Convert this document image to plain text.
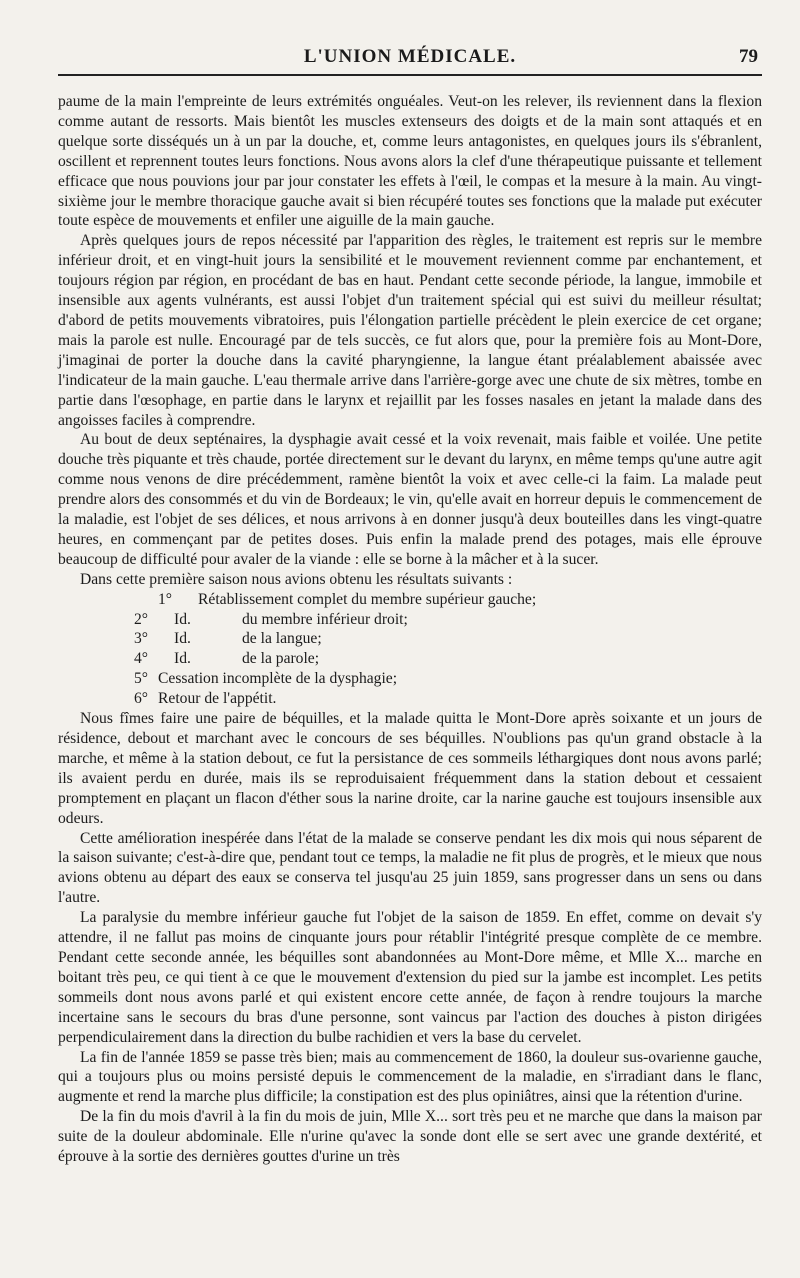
L'UNION MÉDICALE.	79

paume de la main l'empreinte de leurs extrémités onguéales. Veut-on les relever, ils reviennent dans la flexion comme autant de ressorts. Mais bientôt les muscles extenseurs des doigts et de la main sont attaqués et en quelque sorte disséqués un à un par la douche, et, comme leurs antagonistes, en quelques jours ils s'ébranlent, oscillent et reprennent toutes leurs fonctions. Nous avons alors la clef d'une thérapeutique puissante et tellement efficace que nous pouvions jour par jour constater les effets à l'œil, le compas et la mesure à la main. Au vingt-sixième jour le membre thoracique gauche avait si bien récupéré toutes ses fonctions que la malade put exécuter toute espèce de mouvements et enfiler une aiguille de la main gauche.

Après quelques jours de repos nécessité par l'apparition des règles, le traitement est repris sur le membre inférieur droit, et en vingt-huit jours la sensibilité et le mouvement reviennent comme par enchantement, et toujours région par région, en procédant de bas en haut. Pendant cette seconde période, la langue, immobile et insensible aux agents vulnérants, est aussi l'objet d'un traitement spécial qui est suivi du meilleur résultat; d'abord de petits mouvements vibratoires, puis l'élongation partielle précèdent le plein exercice de cet organe; mais la parole est nulle. Encouragé par de tels succès, ce fut alors que, pour la première fois au Mont-Dore, j'imaginai de porter la douche dans la cavité pharyngienne, la langue étant préalablement abaissée avec l'indicateur de la main gauche. L'eau thermale arrive dans l'arrière-gorge avec une chute de six mètres, tombe en partie dans l'œsophage, en partie dans le larynx et rejaillit par les fosses nasales en jetant la malade dans des angoisses faciles à comprendre.

Au bout de deux septénaires, la dysphagie avait cessé et la voix revenait, mais faible et voilée. Une petite douche très piquante et très chaude, portée directement sur le devant du larynx, en même temps qu'une autre agit comme nous venons de dire précédemment, ramène bientôt la voix et avec celle-ci la faim. La malade peut prendre alors des consommés et du vin de Bordeaux; le vin, qu'elle avait en horreur depuis le commencement de la maladie, est l'objet de ses délices, et nous arrivons à en donner jusqu'à deux bouteilles dans les vingt-quatre heures, en commençant par de petites doses. Puis enfin la malade prend des potages, mais elle éprouve beaucoup de difficulté pour avaler de la viande : elle se borne à la mâcher et à la sucer.

Dans cette première saison nous avions obtenu les résultats suivants :

1°	Rétablissement complet du membre supérieur gauche;
2°	Id.	du membre inférieur droit;
3°	Id.	de la langue;
4°	Id.	de la parole;
5° Cessation incomplète de la dysphagie;
6° Retour de l'appétit.

Nous fîmes faire une paire de béquilles, et la malade quitta le Mont-Dore après soixante et un jours de résidence, debout et marchant avec le concours de ses béquilles. N'oublions pas qu'un grand obstacle à la marche, et même à la station debout, ce fut la persistance de ces sommeils léthargiques dont nous avons parlé; ils avaient perdu en durée, mais ils se reproduisaient fréquemment dans la station debout et cessaient promptement en plaçant un flacon d'éther sous la narine droite, car la narine gauche est toujours insensible aux odeurs.

Cette amélioration inespérée dans l'état de la malade se conserve pendant les dix mois qui nous séparent de la saison suivante; c'est-à-dire que, pendant tout ce temps, la maladie ne fit plus de progrès, et le mieux que nous avions obtenu au départ des eaux se conserva tel jusqu'au 25 juin 1859, sans progresser dans un sens ou dans l'autre.

La paralysie du membre inférieur gauche fut l'objet de la saison de 1859. En effet, comme on devait s'y attendre, il ne fallut pas moins de cinquante jours pour rétablir l'intégrité presque complète de ce membre. Pendant cette seconde année, les béquilles sont abandonnées au Mont-Dore même, et Mlle X... marche en boitant très peu, ce qui tient à ce que le mouvement d'extension du pied sur la jambe est incomplet. Les petits sommeils dont nous avons parlé et qui existent encore cette année, de façon à rendre toujours la marche incertaine sans le secours du bras d'une personne, sont vaincus par l'action des douches à piston dirigées perpendiculairement dans la direction du bulbe rachidien et vers la base du cervelet.

La fin de l'année 1859 se passe très bien; mais au commencement de 1860, la douleur sus-ovarienne gauche, qui a toujours plus ou moins persisté depuis le commencement de la maladie, en s'irradiant dans le flanc, augmente et rend la marche plus difficile; la constipation est des plus opiniâtres, ainsi que la rétention d'urine.

De la fin du mois d'avril à la fin du mois de juin, Mlle X... sort très peu et ne marche que dans la maison par suite de la douleur abdominale. Elle n'urine qu'avec la sonde dont elle se sert avec une grande dextérité, et éprouve à la sortie des dernières gouttes d'urine un très
